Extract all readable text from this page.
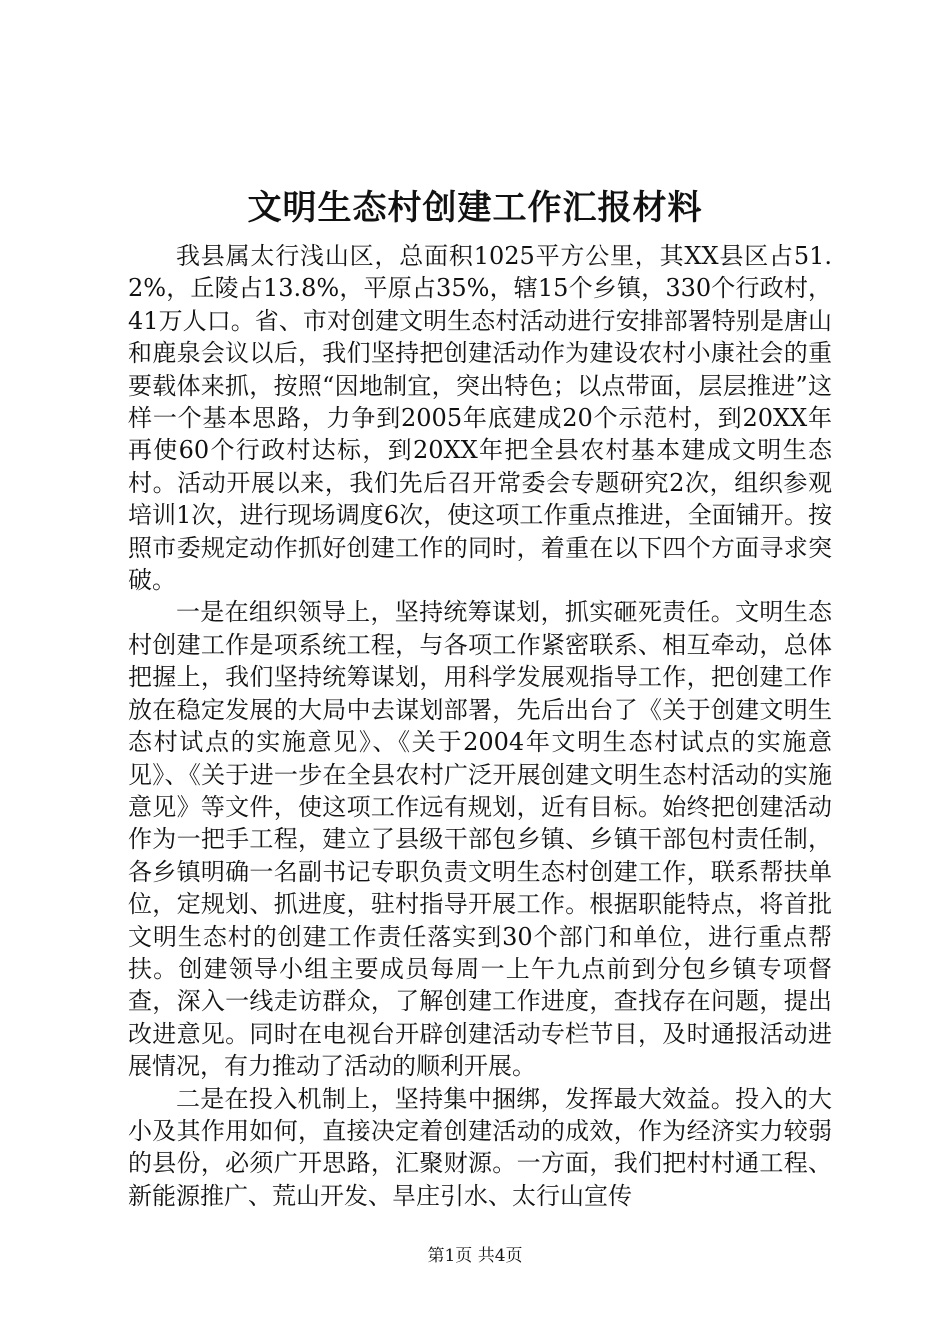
文明生态村创建工作汇报材料

我县属太行浅山区，总面积1025平方公里，其XX县区占51.2%，丘陵占13.8%，平原占35%，辖15个乡镇，330个行政村，41万人口。省、市对创建文明生态村活动进行安排部署特别是唐山和鹿泉会议以后，我们坚持把创建活动作为建设农村小康社会的重要载体来抓，按照“因地制宜，突出特色；以点带面，层层推进”这样一个基本思路，力争到2005年底建成20个示范村，到20XX年再使60个行政村达标，到20XX年把全县农村基本建成文明生态村。活动开展以来，我们先后召开常委会专题研究2次，组织参观培训1次，进行现场调度6次，使这项工作重点推进，全面铺开。按照市委规定动作抓好创建工作的同时，着重在以下四个方面寻求突破。

一是在组织领导上，坚持统筹谋划，抓实砸死责任。文明生态村创建工作是项系统工程，与各项工作紧密联系、相互牵动，总体把握上，我们坚持统筹谋划，用科学发展观指导工作，把创建工作放在稳定发展的大局中去谋划部署，先后出台了《关于创建文明生态村试点的实施意见》、《关于2004年文明生态村试点的实施意见》、《关于进一步在全县农村广泛开展创建文明生态村活动的实施意见》等文件，使这项工作远有规划，近有目标。始终把创建活动作为一把手工程，建立了县级干部包乡镇、乡镇干部包村责任制，各乡镇明确一名副书记专职负责文明生态村创建工作，联系帮扶单位，定规划、抓进度，驻村指导开展工作。根据职能特点，将首批文明生态村的创建工作责任落实到30个部门和单位，进行重点帮扶。创建领导小组主要成员每周一上午九点前到分包乡镇专项督查，深入一线走访群众，了解创建工作进度，查找存在问题，提出改进意见。同时在电视台开辟创建活动专栏节目，及时通报活动进展情况，有力推动了活动的顺利开展。

二是在投入机制上，坚持集中捆绑，发挥最大效益。投入的大小及其作用如何，直接决定着创建活动的成效，作为经济实力较弱的县份，必须广开思路，汇聚财源。一方面，我们把村村通工程、新能源推广、荒山开发、旱庄引水、太行山宣传

第1页 共4页
